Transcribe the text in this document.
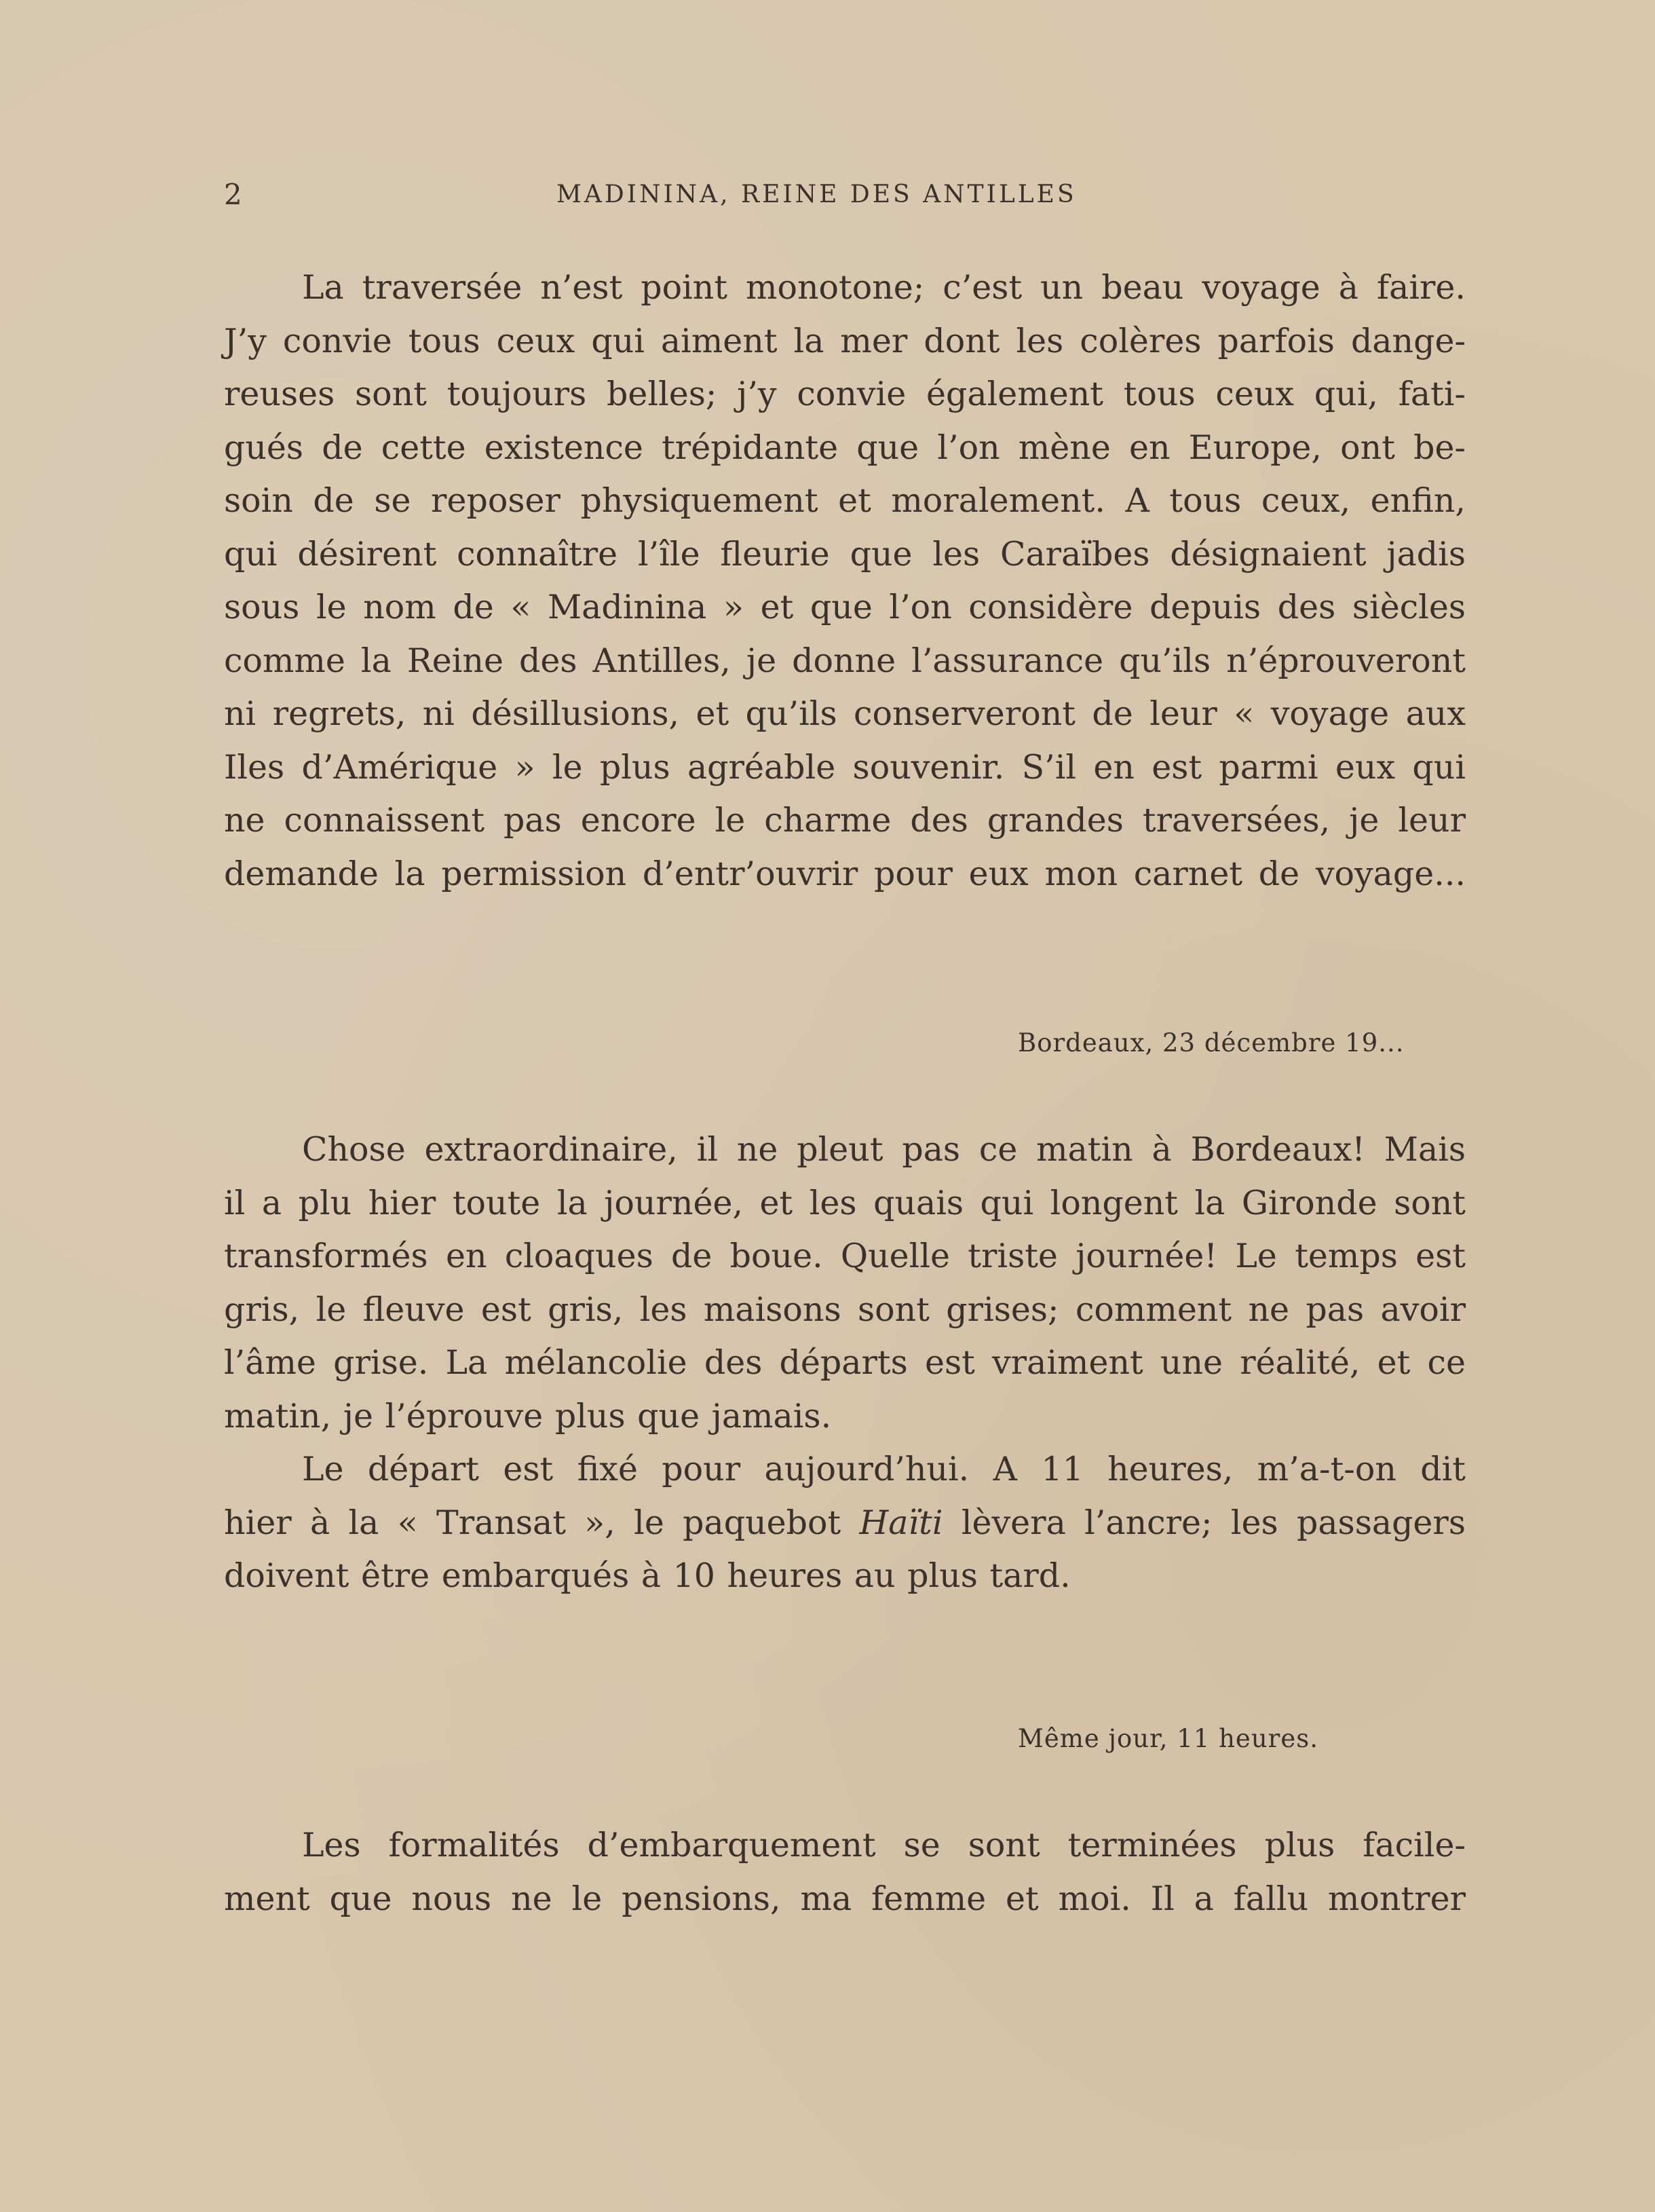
2	MADININA, REINE DES ANTILLES

La traversée n’est point monotone; c’est un beau voyage à faire.
J’y convie tous ceux qui aiment la mer dont les colères parfois dange-
reuses sont toujours belles; j’y convie également tous ceux qui, fati-
gués de cette existence trépidante que l’on mène en Europe, ont be-
soin de se reposer physiquement et moralement. A tous ceux, enfin,
qui désirent connaître l’île fleurie que les Caraïbes désignaient jadis
sous le nom de « Madinina » et que l’on considère depuis des siècles
comme la Reine des Antilles, je donne l’assurance qu’ils n’éprouveront
ni regrets, ni désillusions, et qu’ils conserveront de leur « voyage aux
Iles d’Amérique » le plus agréable souvenir. S’il en est parmi eux qui
ne connaissent pas encore le charme des grandes traversées, je leur
demande la permission d’entr’ouvrir pour eux mon carnet de voyage...

Bordeaux, 23 décembre 19...

Chose extraordinaire, il ne pleut pas ce matin à Bordeaux! Mais
il a plu hier toute la journée, et les quais qui longent la Gironde sont
transformés en cloaques de boue. Quelle triste journée! Le temps est
gris, le fleuve est gris, les maisons sont grises; comment ne pas avoir
l’âme grise. La mélancolie des départs est vraiment une réalité, et ce
matin, je l’éprouve plus que jamais.
Le départ est fixé pour aujourd’hui. A 11 heures, m’a-t-on dit
hier à la « Transat », le paquebot Haïti lèvera l’ancre; les passagers
doivent être embarqués à 10 heures au plus tard.

Même jour, 11 heures.

Les formalités d’embarquement se sont terminées plus facile-
ment que nous ne le pensions, ma femme et moi. Il a fallu montrer
